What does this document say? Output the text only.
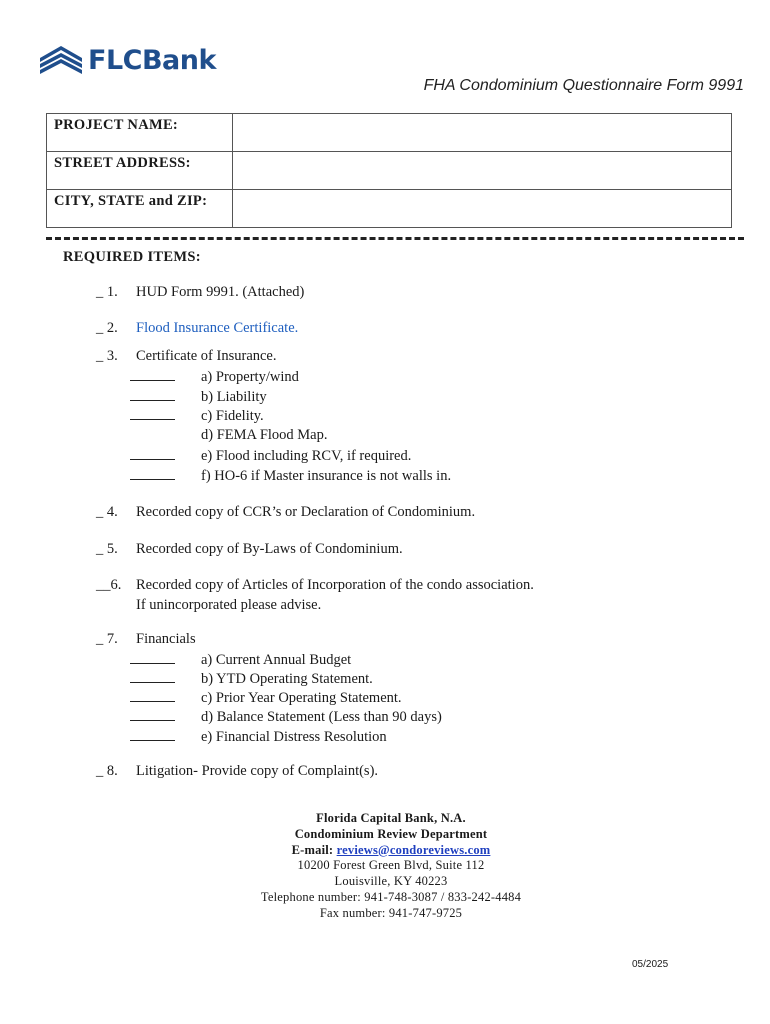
FLCBank
FHA Condominium Questionnaire Form 9991
PROJECT NAME:	
STREET ADDRESS:	
CITY, STATE and ZIP:	
REQUIRED ITEMS:
_ 1. HUD Form 9991. (Attached)
_ 2. Flood Insurance Certificate.
_ 3. Certificate of Insurance.
a) Property/wind
b) Liability
c) Fidelity.
d) FEMA Flood Map.
e) Flood including RCV, if required.
f) HO-6 if Master insurance is not walls in.
_ 4. Recorded copy of CCR’s or Declaration of Condominium.
_ 5. Recorded copy of By-Laws of Condominium.
__6. Recorded copy of Articles of Incorporation of the condo association.
If unincorporated please advise.
_ 7. Financials
a) Current Annual Budget
b) YTD Operating Statement.
c) Prior Year Operating Statement.
d) Balance Statement (Less than 90 days)
e) Financial Distress Resolution
_ 8. Litigation- Provide copy of Complaint(s).
Florida Capital Bank, N.A.
Condominium Review Department
E-mail: reviews@condoreviews.com
10200 Forest Green Blvd, Suite 112
Louisville, KY 40223
Telephone number: 941-748-3087 / 833-242-4484
Fax number: 941-747-9725
05/2025
